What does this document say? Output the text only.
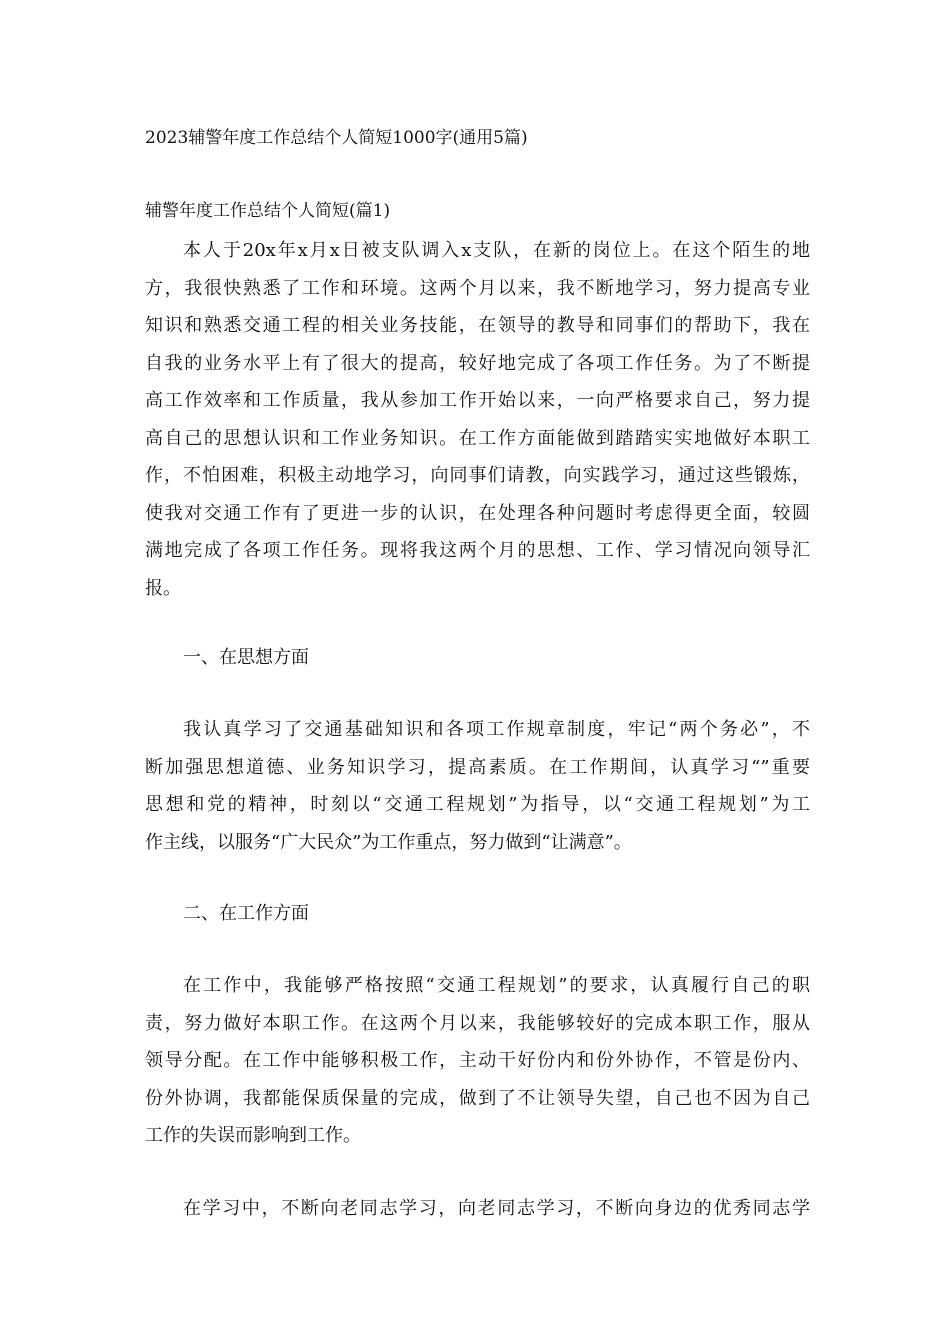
2023辅警年度工作总结个人简短1000字(通用5篇)
辅警年度工作总结个人简短(篇1)
本人于20x年x月x日被支队调入x支队，在新的岗位上。在这个陌生的地
方，我很快熟悉了工作和环境。这两个月以来，我不断地学习，努力提高专业
知识和熟悉交通工程的相关业务技能，在领导的教导和同事们的帮助下，我在
自我的业务水平上有了很大的提高，较好地完成了各项工作任务。为了不断提
高工作效率和工作质量，我从参加工作开始以来，一向严格要求自己，努力提
高自己的思想认识和工作业务知识。在工作方面能做到踏踏实实地做好本职工
作，不怕困难，积极主动地学习，向同事们请教，向实践学习，通过这些锻炼，
使我对交通工作有了更进一步的认识，在处理各种问题时考虑得更全面，较圆
满地完成了各项工作任务。现将我这两个月的思想、工作、学习情况向领导汇
报。
一、在思想方面
我认真学习了交通基础知识和各项工作规章制度，牢记“两个务必”，不
断加强思想道德、业务知识学习，提高素质。在工作期间，认真学习“”重要
思想和党的精神，时刻以“交通工程规划”为指导，以“交通工程规划”为工
作主线，以服务“广大民众”为工作重点，努力做到“让满意”。
二、在工作方面
在工作中，我能够严格按照“交通工程规划”的要求，认真履行自己的职
责，努力做好本职工作。在这两个月以来，我能够较好的完成本职工作，服从
领导分配。在工作中能够积极工作，主动干好份内和份外协作，不管是份内、
份外协调，我都能保质保量的完成，做到了不让领导失望，自己也不因为自己
工作的失误而影响到工作。
在学习中，不断向老同志学习，向老同志学习，不断向身边的优秀同志学
